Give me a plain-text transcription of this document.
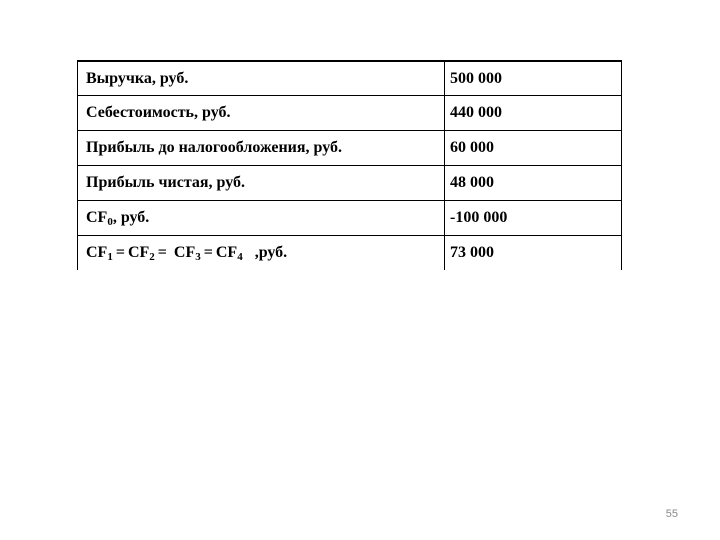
Выручка, руб.	500 000
Себестоимость, руб.	440 000
Прибыль до налогообложения, руб.	60 000
Прибыль чистая, руб.	48 000
$CF_0$, руб.	-100 000
$CF_1 = CF_2 = CF_3 = CF_4$ ,руб.	73 000
55
